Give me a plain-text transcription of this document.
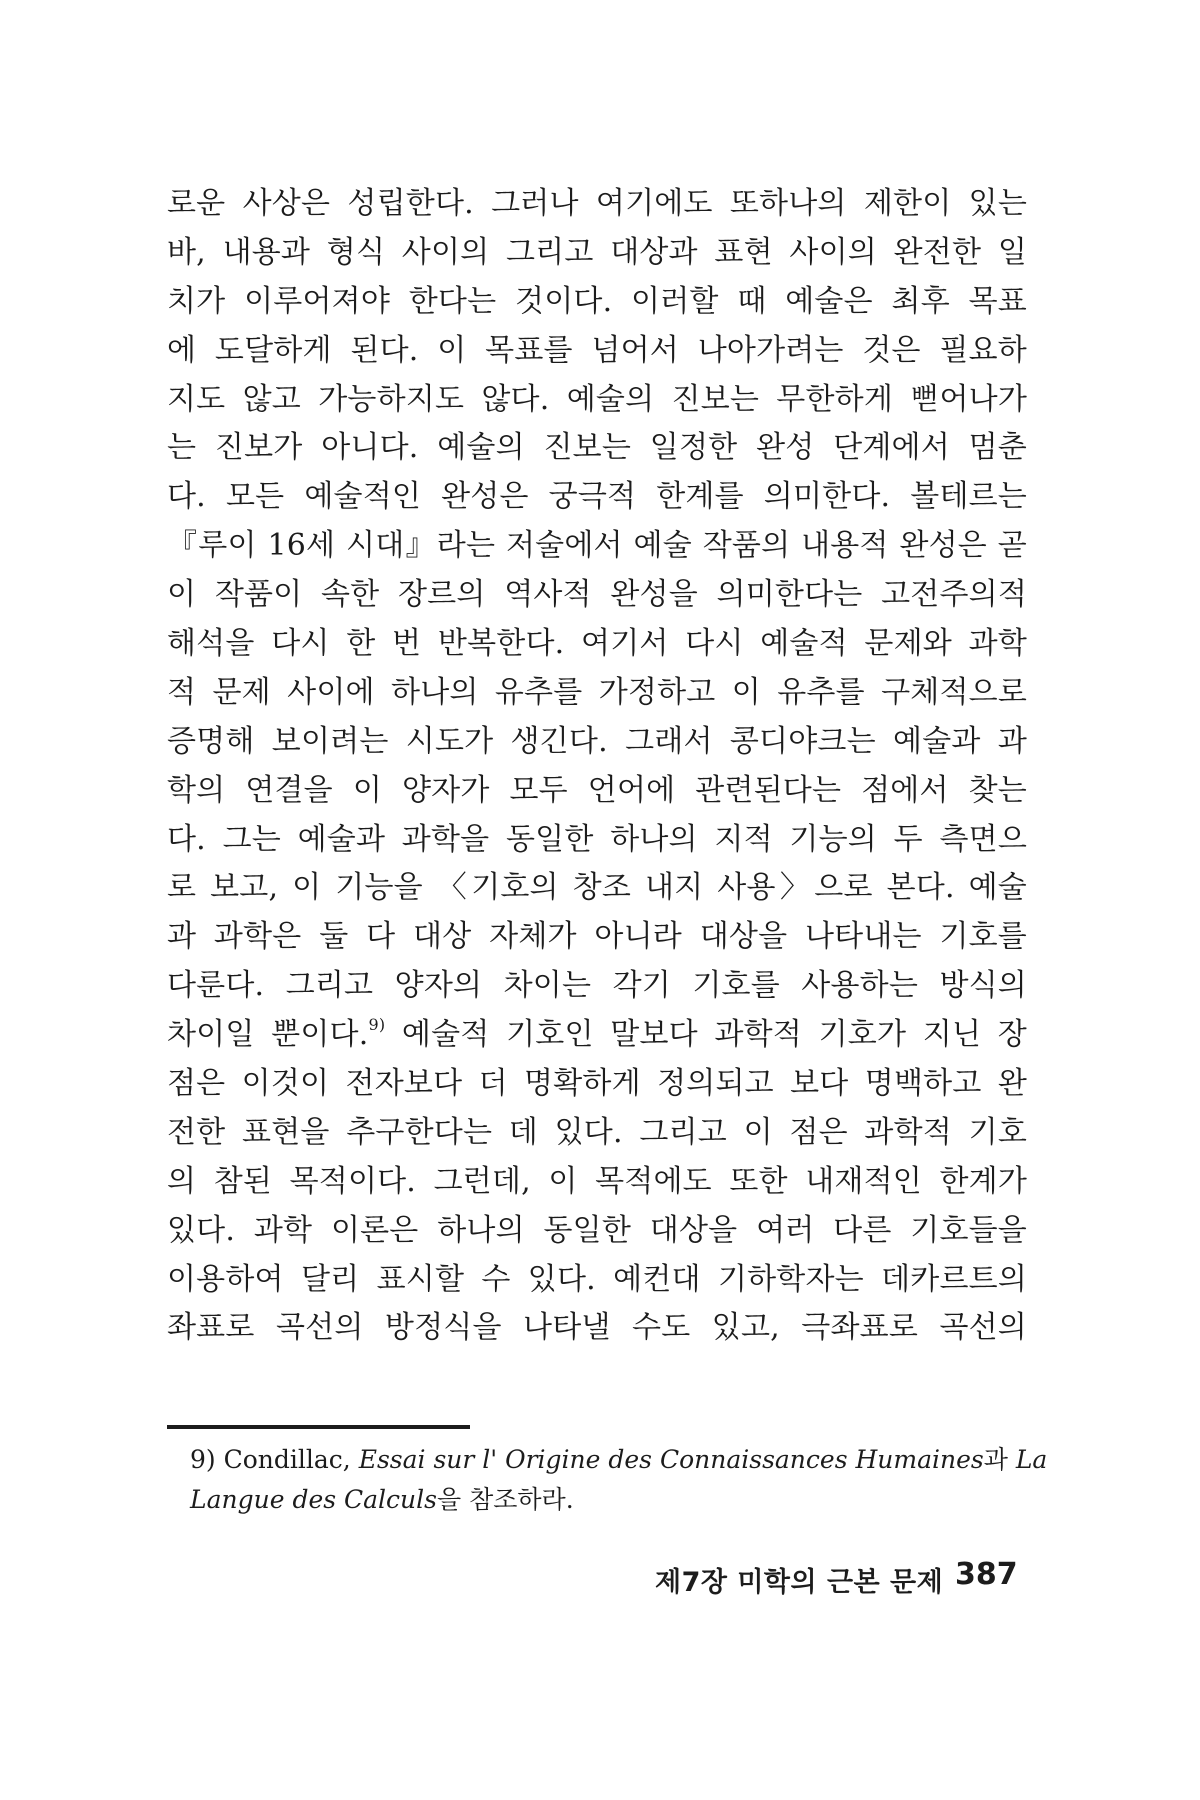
로운 사상은 성립한다. 그러나 여기에도 또하나의 제한이 있는
바, 내용과 형식 사이의 그리고 대상과 표현 사이의 완전한 일
치가 이루어져야 한다는 것이다. 이러할 때 예술은 최후 목표
에 도달하게 된다. 이 목표를 넘어서 나아가려는 것은 필요하
지도 않고 가능하지도 않다. 예술의 진보는 무한하게 뻗어나가
는 진보가 아니다. 예술의 진보는 일정한 완성 단계에서 멈춘
다. 모든 예술적인 완성은 궁극적 한계를 의미한다. 볼테르는
『루이 16세 시대』라는 저술에서 예술 작품의 내용적 완성은 곧
이 작품이 속한 장르의 역사적 완성을 의미한다는 고전주의적
해석을 다시 한 번 반복한다. 여기서 다시 예술적 문제와 과학
적 문제 사이에 하나의 유추를 가정하고 이 유추를 구체적으로
증명해 보이려는 시도가 생긴다. 그래서 콩디야크는 예술과 과
학의 연결을 이 양자가 모두 언어에 관련된다는 점에서 찾는
다. 그는 예술과 과학을 동일한 하나의 지적 기능의 두 측면으
로 보고, 이 기능을 〈기호의 창조 내지 사용〉으로 본다. 예술
과 과학은 둘 다 대상 자체가 아니라 대상을 나타내는 기호를
다룬다. 그리고 양자의 차이는 각기 기호를 사용하는 방식의
차이일 뿐이다.$^{9)}$ 예술적 기호인 말보다 과학적 기호가 지닌 장
점은 이것이 전자보다 더 명확하게 정의되고 보다 명백하고 완
전한 표현을 추구한다는 데 있다. 그리고 이 점은 과학적 기호
의 참된 목적이다. 그런데, 이 목적에도 또한 내재적인 한계가
있다. 과학 이론은 하나의 동일한 대상을 여러 다른 기호들을
이용하여 달리 표시할 수 있다. 예컨대 기하학자는 데카르트의
좌표로 곡선의 방정식을 나타낼 수도 있고, 극좌표로 곡선의
9) Condillac, Essai sur l' Origine des Connaissances Humaines과 La
Langue des Calculs을 참조하라.
제7장 미학의 근본 문제 387
